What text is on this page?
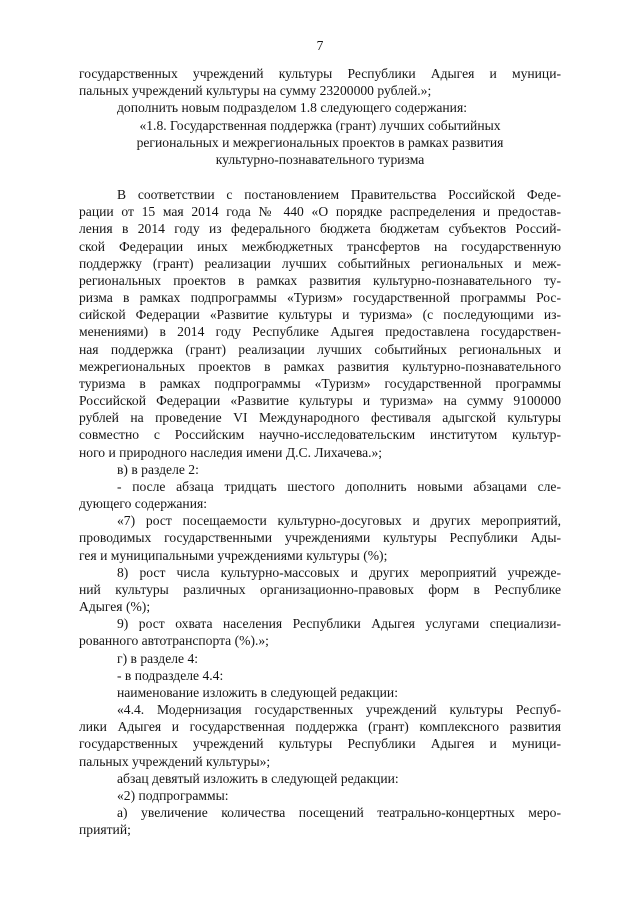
7
государственных учреждений культуры Республики Адыгея и муници-
пальных учреждений культуры на сумму 23200000 рублей.»;
дополнить новым подразделом 1.8 следующего содержания:
«1.8. Государственная поддержка (грант) лучших событийных
региональных и межрегиональных проектов в рамках развития
культурно-познавательного туризма
В соответствии с постановлением Правительства Российской Феде-
рации от 15 мая 2014 года № 440 «О порядке распределения и предостав-
ления в 2014 году из федерального бюджета бюджетам субъектов Россий-
ской Федерации иных межбюджетных трансфертов на государственную
поддержку (грант) реализации лучших событийных региональных и меж-
региональных проектов в рамках развития культурно-познавательного ту-
ризма в рамках подпрограммы «Туризм» государственной программы Рос-
сийской Федерации «Развитие культуры и туризма» (с последующими из-
менениями) в 2014 году Республике Адыгея предоставлена государствен-
ная поддержка (грант) реализации лучших событийных региональных и
межрегиональных проектов в рамках развития культурно-познавательного
туризма в рамках подпрограммы «Туризм» государственной программы
Российской Федерации «Развитие культуры и туризма» на сумму 9100000
рублей на проведение VI Международного фестиваля адыгской культуры
совместно с Российским научно-исследовательским институтом культур-
ного и природного наследия имени Д.С. Лихачева.»;
в) в разделе 2:
- после абзаца тридцать шестого дополнить новыми абзацами сле-
дующего содержания:
«7) рост посещаемости культурно-досуговых и других мероприятий,
проводимых государственными учреждениями культуры Республики Ады-
гея и муниципальными учреждениями культуры (%);
8) рост числа культурно-массовых и других мероприятий учрежде-
ний культуры различных организационно-правовых форм в Республике
Адыгея (%);
9) рост охвата населения Республики Адыгея услугами специализи-
рованного автотранспорта (%).»;
г) в разделе 4:
- в подразделе 4.4:
наименование изложить в следующей редакции:
«4.4. Модернизация государственных учреждений культуры Респуб-
лики Адыгея и государственная поддержка (грант) комплексного развития
государственных учреждений культуры Республики Адыгея и муници-
пальных учреждений культуры»;
абзац девятый изложить в следующей редакции:
«2) подпрограммы:
а) увеличение количества посещений театрально-концертных меро-
приятий;
